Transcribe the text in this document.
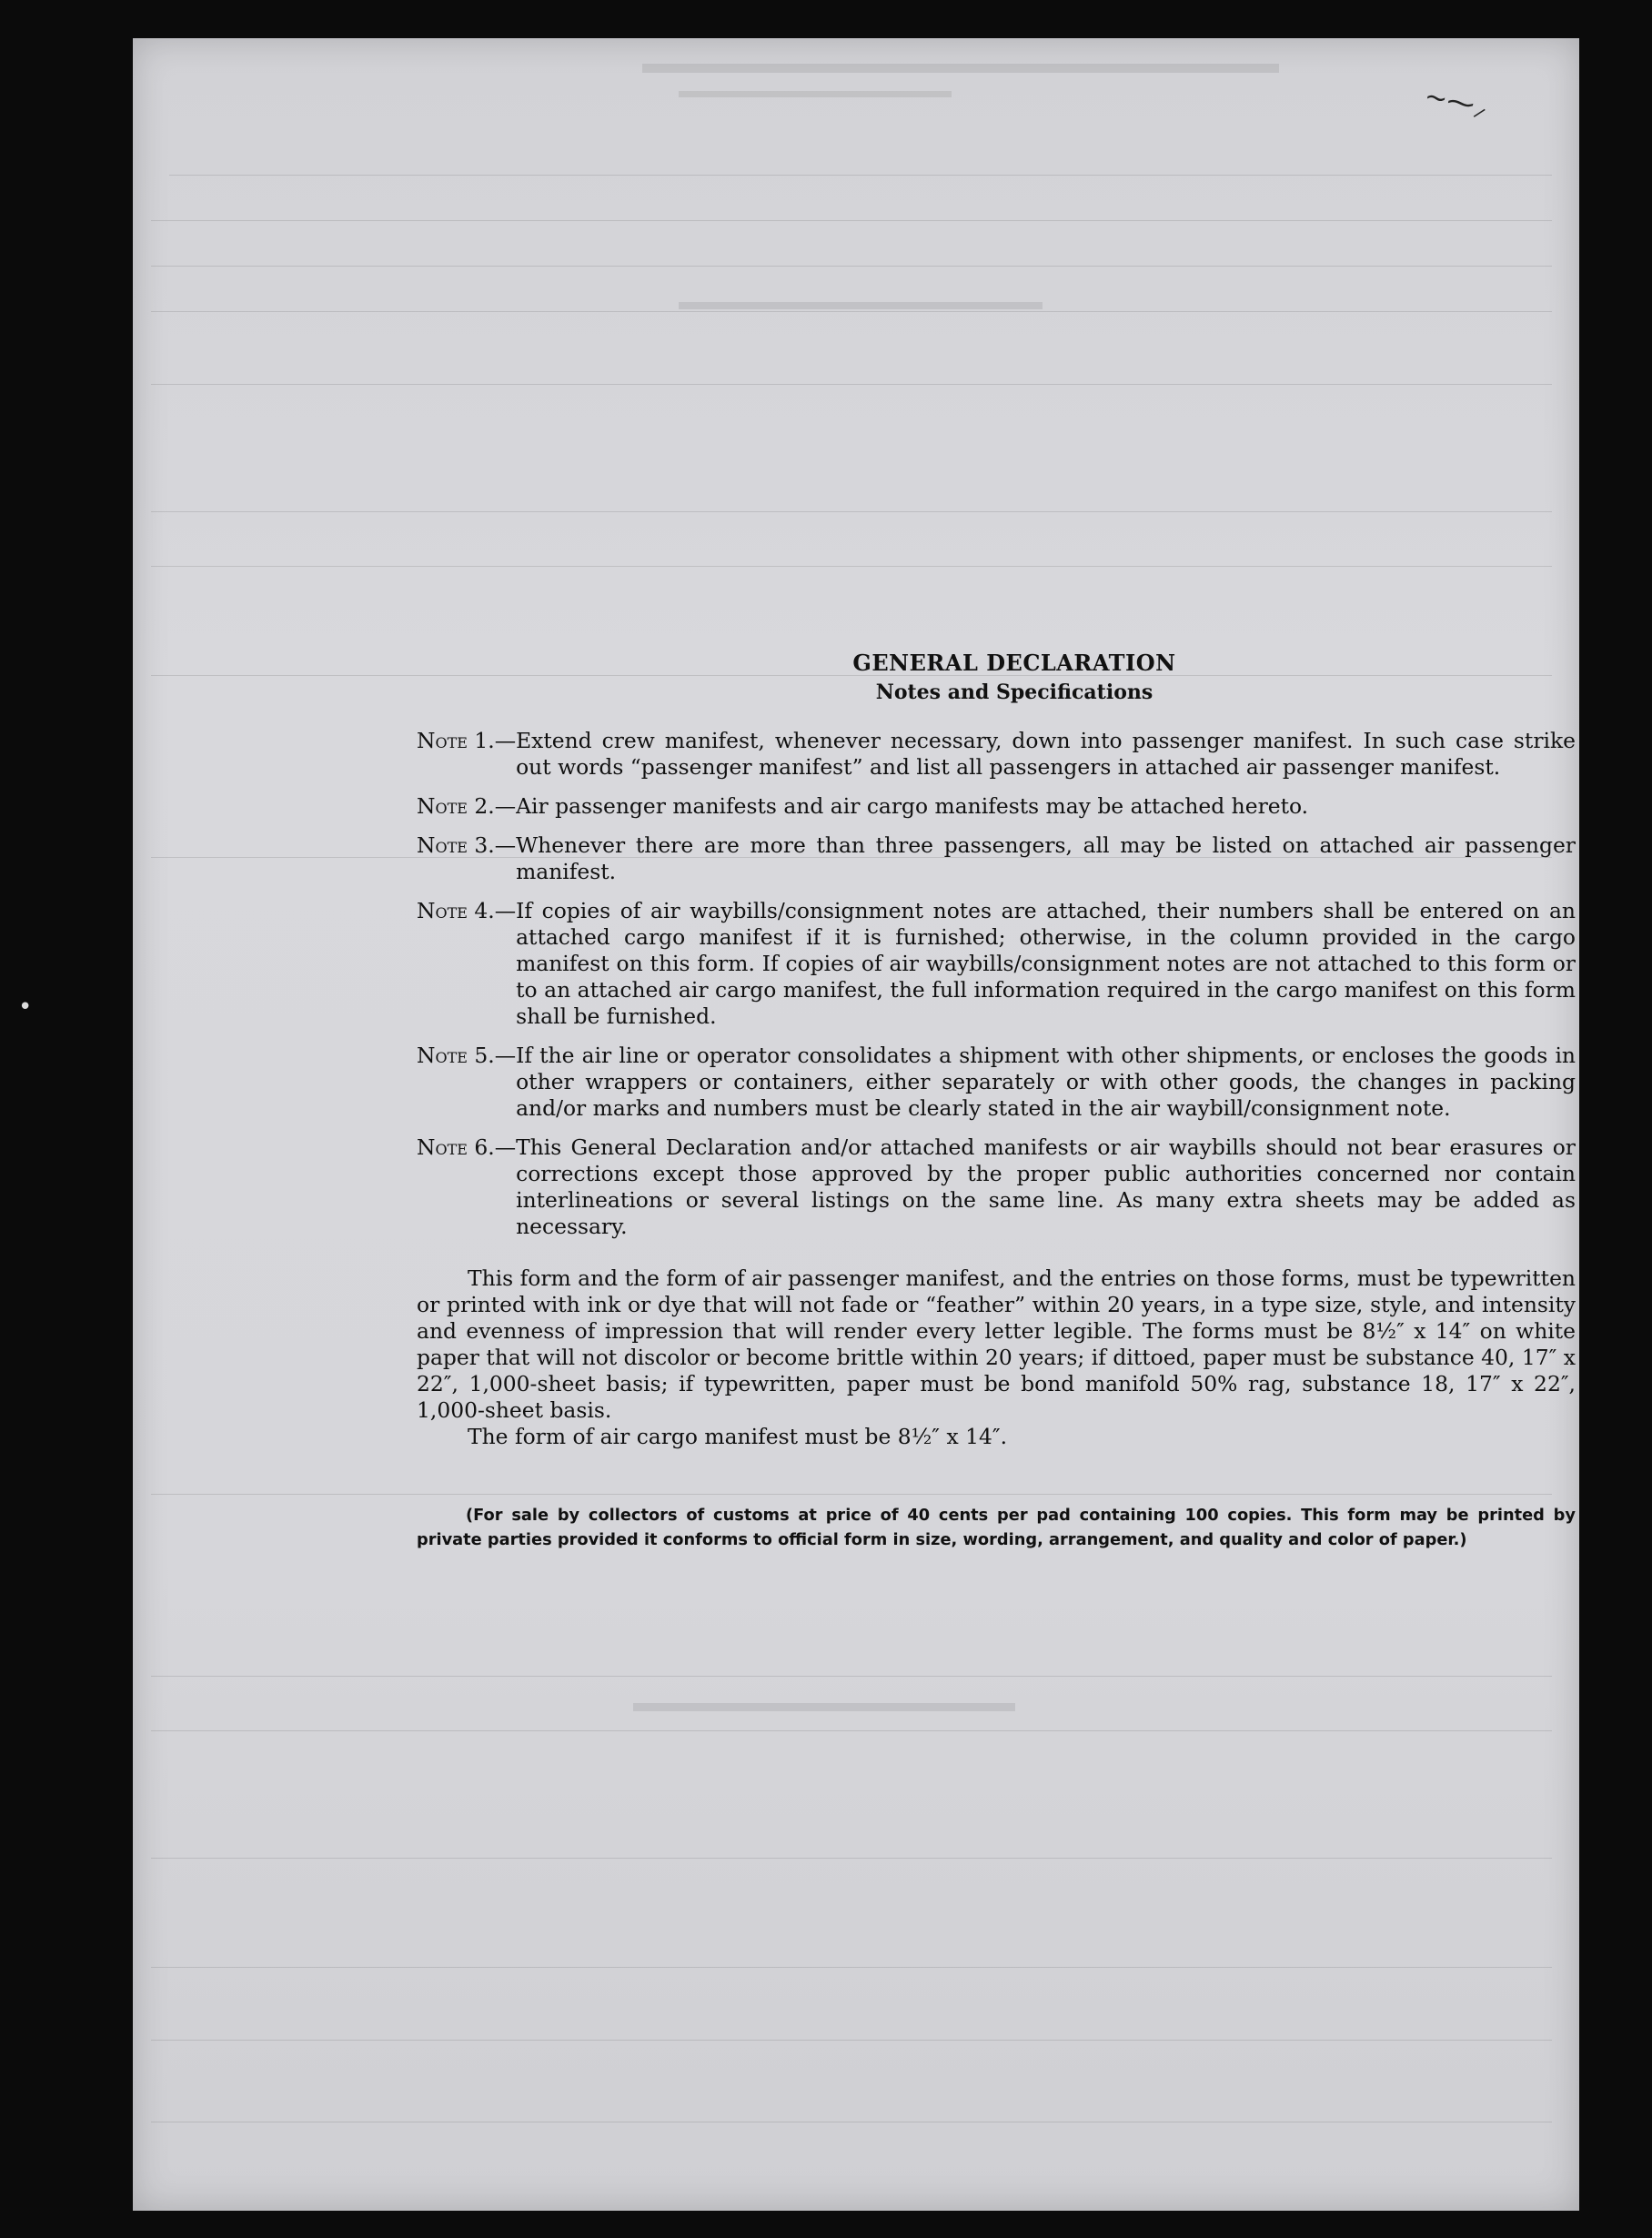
~⁓⸝
•
GENERAL DECLARATION
Notes and Specifications
Note 1.— Extend crew manifest, whenever necessary, down into passenger manifest. In such case strike out words “passenger manifest” and list all passengers in attached air passenger manifest.
Note 2.— Air passenger manifests and air cargo manifests may be attached hereto.
Note 3.— Whenever there are more than three passengers, all may be listed on attached air passenger manifest.
Note 4.— If copies of air waybills/consignment notes are attached, their numbers shall be entered on an attached cargo manifest if it is furnished; otherwise, in the column provided in the cargo manifest on this form. If copies of air waybills/consignment notes are not attached to this form or to an attached air cargo manifest, the full information required in the cargo manifest on this form shall be furnished.
Note 5.— If the air line or operator consolidates a shipment with other shipments, or encloses the goods in other wrappers or containers, either separately or with other goods, the changes in packing and/or marks and numbers must be clearly stated in the air waybill/consignment note.
Note 6.— This General Declaration and/or attached manifests or air waybills should not bear erasures or corrections except those approved by the proper public authorities concerned nor contain interlineations or several listings on the same line. As many extra sheets may be added as necessary.
This form and the form of air passenger manifest, and the entries on those forms, must be typewritten or printed with ink or dye that will not fade or “feather” within 20 years, in a type size, style, and intensity and evenness of impression that will render every letter legible. The forms must be 8½″ x 14″ on white paper that will not discolor or become brittle within 20 years; if dittoed, paper must be substance 40, 17″ x 22″, 1,000-sheet basis; if typewritten, paper must be bond manifold 50% rag, substance 18, 17″ x 22″, 1,000-sheet basis.
The form of air cargo manifest must be 8½″ x 14″.
(For sale by collectors of customs at price of 40 cents per pad containing 100 copies. This form may be printed by private parties provided it conforms to official form in size, wording, arrangement, and quality and color of paper.)
